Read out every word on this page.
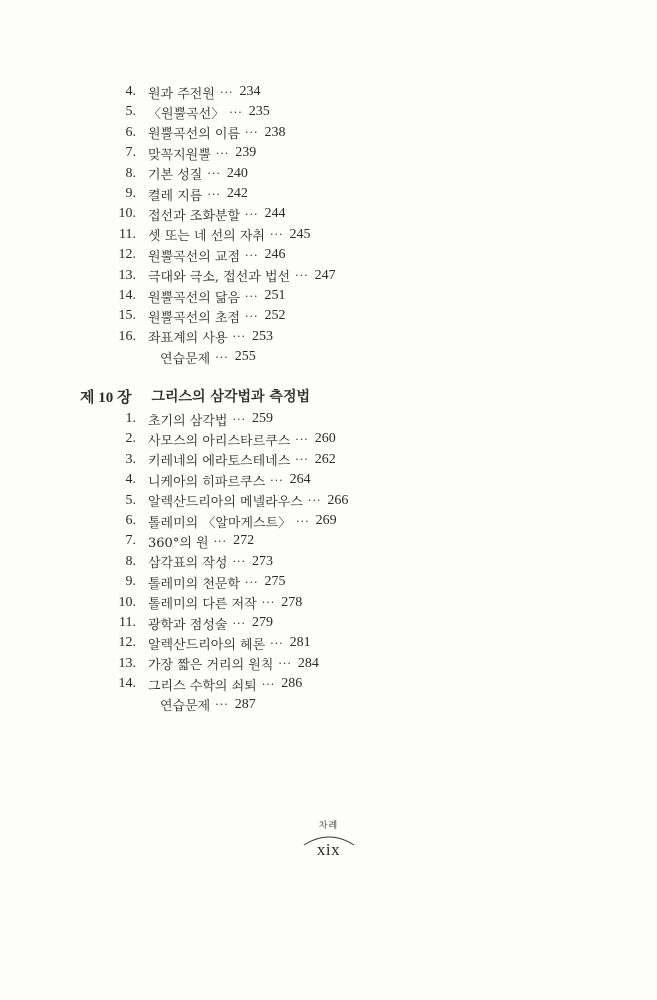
4. 원과 주전원 ··· 234
5. 〈원뿔곡선〉 ··· 235
6. 원뿔곡선의 이름 ··· 238
7. 맞꼭지원뿔 ··· 239
8. 기본 성질 ··· 240
9. 켤레 지름 ··· 242
10. 접선과 조화분할 ··· 244
11. 셋 또는 네 선의 자취 ··· 245
12. 원뿔곡선의 교점 ··· 246
13. 극대와 극소, 접선과 법선 ··· 247
14. 원뿔곡선의 닮음 ··· 251
15. 원뿔곡선의 초점 ··· 252
16. 좌표계의 사용 ··· 253
연습문제 ··· 255
제 10 장 그리스의 삼각법과 측정법
1. 초기의 삼각법 ··· 259
2. 사모스의 아리스타르쿠스 ··· 260
3. 키레네의 에라토스테네스 ··· 262
4. 니케아의 히파르쿠스 ··· 264
5. 알렉산드리아의 메넬라우스 ··· 266
6. 톨레미의 〈알마게스트〉 ··· 269
7. 360°의 원 ··· 272
8. 삼각표의 작성 ··· 273
9. 톨레미의 천문학 ··· 275
10. 톨레미의 다른 저작 ··· 278
11. 광학과 점성술 ··· 279
12. 알렉산드리아의 헤론 ··· 281
13. 가장 짧은 거리의 원칙 ··· 284
14. 그리스 수학의 쇠퇴 ··· 286
연습문제 ··· 287
차례
xix
